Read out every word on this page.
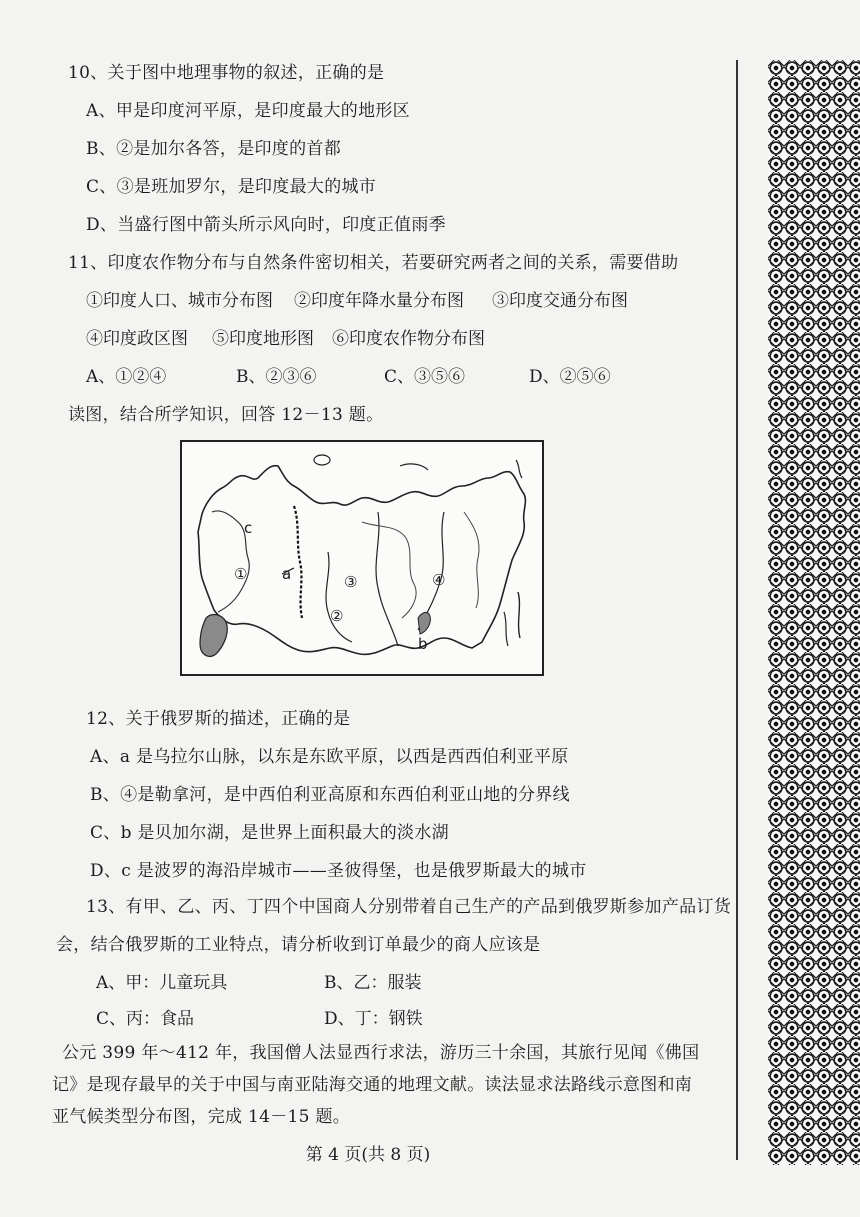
10、关于图中地理事物的叙述，正确的是
A、甲是印度河平原，是印度最大的地形区
B、②是加尔各答，是印度的首都
C、③是班加罗尔，是印度最大的城市
D、当盛行图中箭头所示风向时，印度正值雨季
11、印度农作物分布与自然条件密切相关，若要研究两者之间的关系，需要借助
①印度人口、城市分布图 ②印度年降水量分布图 ③印度交通分布图
④印度政区图 ⑤印度地形图 ⑥印度农作物分布图
A、①②④	B、②③⑥	C、③⑤⑥	D、②⑤⑥
读图，结合所学知识，回答 12－13 题。
c
a
①
②
③	④
b
12、关于俄罗斯的描述，正确的是
A、a 是乌拉尔山脉，以东是东欧平原，以西是西西伯利亚平原
B、④是勒拿河，是中西伯利亚高原和东西伯利亚山地的分界线
C、b 是贝加尔湖，是世界上面积最大的淡水湖
D、c 是波罗的海沿岸城市——圣彼得堡，也是俄罗斯最大的城市
13、有甲、乙、丙、丁四个中国商人分别带着自己生产的产品到俄罗斯参加产品订货
会，结合俄罗斯的工业特点，请分析收到订单最少的商人应该是
A、甲：儿童玩具	B、乙：服装
C、丙：食品	D、丁：钢铁
公元 399 年～412 年，我国僧人法显西行求法，游历三十余国，其旅行见闻《佛国
记》是现存最早的关于中国与南亚陆海交通的地理文献。读法显求法路线示意图和南
亚气候类型分布图，完成 14－15 题。
第 4 页(共 8 页)
